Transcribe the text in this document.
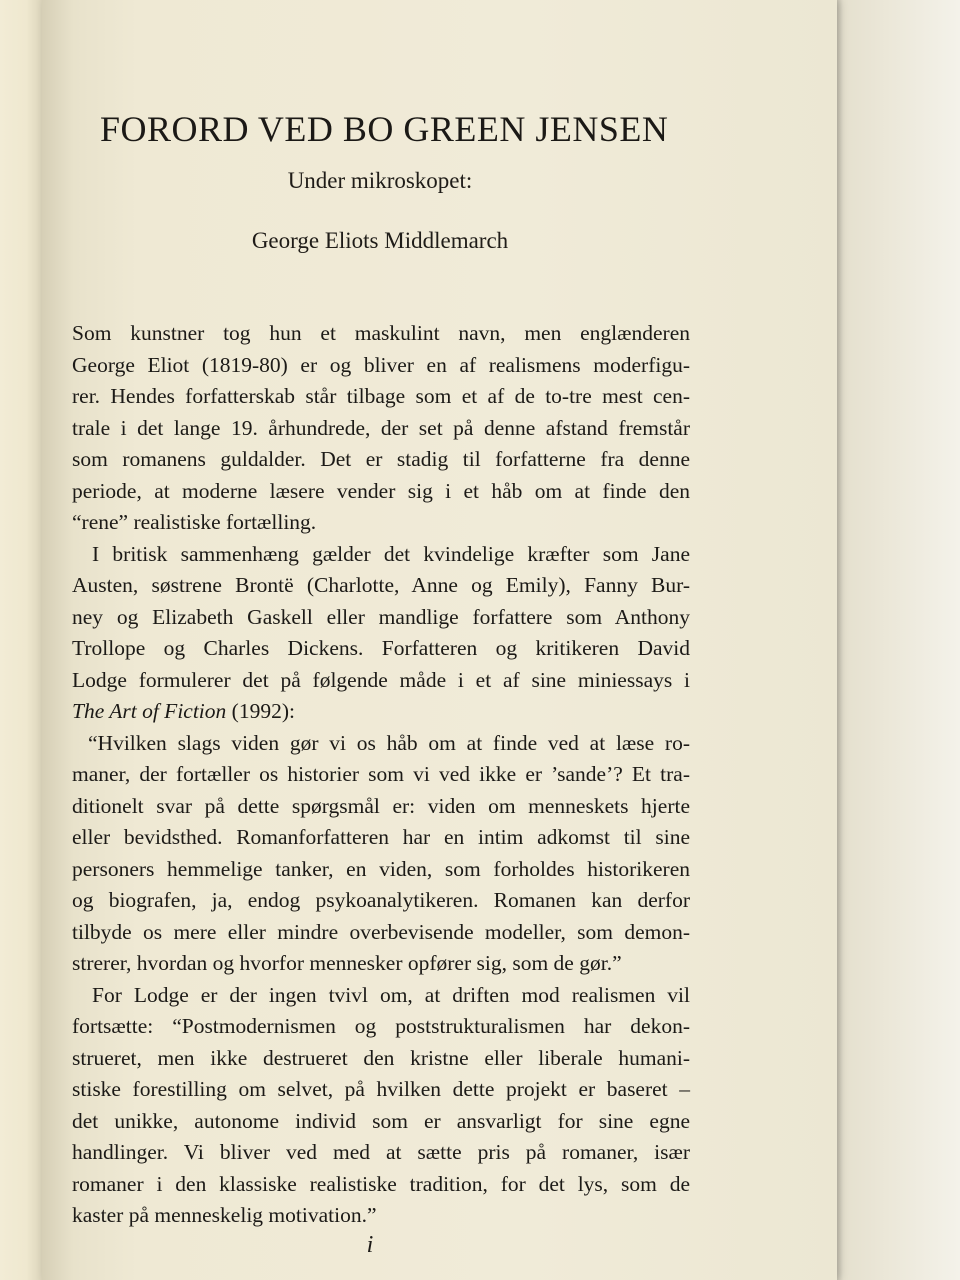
FORORD VED BO GREEN JENSEN
Under mikroskopet:
George Eliots Middlemarch
Som kunstner tog hun et maskulint navn, men englænderen
George Eliot (1819-80) er og bliver en af realismens moderfigu-
rer. Hendes forfatterskab står tilbage som et af de to-tre mest cen-
trale i det lange 19. århundrede, der set på denne afstand fremstår
som romanens guldalder. Det er stadig til forfatterne fra denne
periode, at moderne læsere vender sig i et håb om at finde den
“rene” realistiske fortælling.
I britisk sammenhæng gælder det kvindelige kræfter som Jane
Austen, søstrene Brontë (Charlotte, Anne og Emily), Fanny Bur-
ney og Elizabeth Gaskell eller mandlige forfattere som Anthony
Trollope og Charles Dickens. Forfatteren og kritikeren David
Lodge formulerer det på følgende måde i et af sine miniessays i
The Art of Fiction (1992):
“Hvilken slags viden gør vi os håb om at finde ved at læse ro-
maner, der fortæller os historier som vi ved ikke er ’sande’? Et tra-
ditionelt svar på dette spørgsmål er: viden om menneskets hjerte
eller bevidsthed. Romanforfatteren har en intim adkomst til sine
personers hemmelige tanker, en viden, som forholdes historikeren
og biografen, ja, endog psykoanalytikeren. Romanen kan derfor
tilbyde os mere eller mindre overbevisende modeller, som demon-
strerer, hvordan og hvorfor mennesker opfører sig, som de gør.”
For Lodge er der ingen tvivl om, at driften mod realismen vil
fortsætte: “Postmodernismen og poststrukturalismen har dekon-
strueret, men ikke destrueret den kristne eller liberale humani-
stiske forestilling om selvet, på hvilken dette projekt er baseret –
det unikke, autonome individ som er ansvarligt for sine egne
handlinger. Vi bliver ved med at sætte pris på romaner, især
romaner i den klassiske realistiske tradition, for det lys, som de
kaster på menneskelig motivation.”
i
